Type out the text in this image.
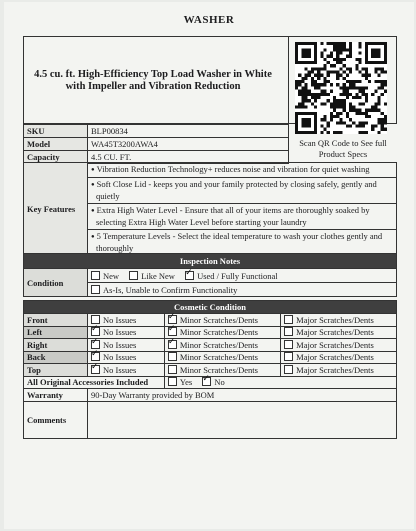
WASHER
4.5 cu. ft. High-Efficiency Top Load Washer in White with Impeller and Vibration Reduction
Scan QR Code to See full Product Specs
SKU	BLP00834
Model	WA45T3200AWA4
Capacity	4.5 CU. FT.
Key Features	
● Vibration Reduction Technology+ reduces noise and vibration for quiet washing
● Soft Close Lid - keeps you and your family protected by closing safely, gently and quietly
● Extra High Water Level - Ensure that all of your items are thoroughly soaked by selecting Extra High Water Level before starting your laundry
● 5 Temperature Levels - Select the ideal temperature to wash your clothes gently and thoroughly

Inspection Notes
Condition	New	Like New ✓	Used / Fully Functional
As-Is, Unable to Confirm Functionality
Cosmetic Condition			
Front	No Issues	✓Minor Scratches/Dents	Major Scratches/Dents
Left	✓No Issues	✓Minor Scratches/Dents	Major Scratches/Dents
Right	✓No Issues	✓Minor Scratches/Dents	Major Scratches/Dents
Back	✓No Issues	Minor Scratches/Dents	Major Scratches/Dents
Top	✓No Issues	Minor Scratches/Dents	Major Scratches/Dents
All Original Accessories Included		Yes ✓ No
Warranty	90-Day Warranty provided by BOM		
Comments			
